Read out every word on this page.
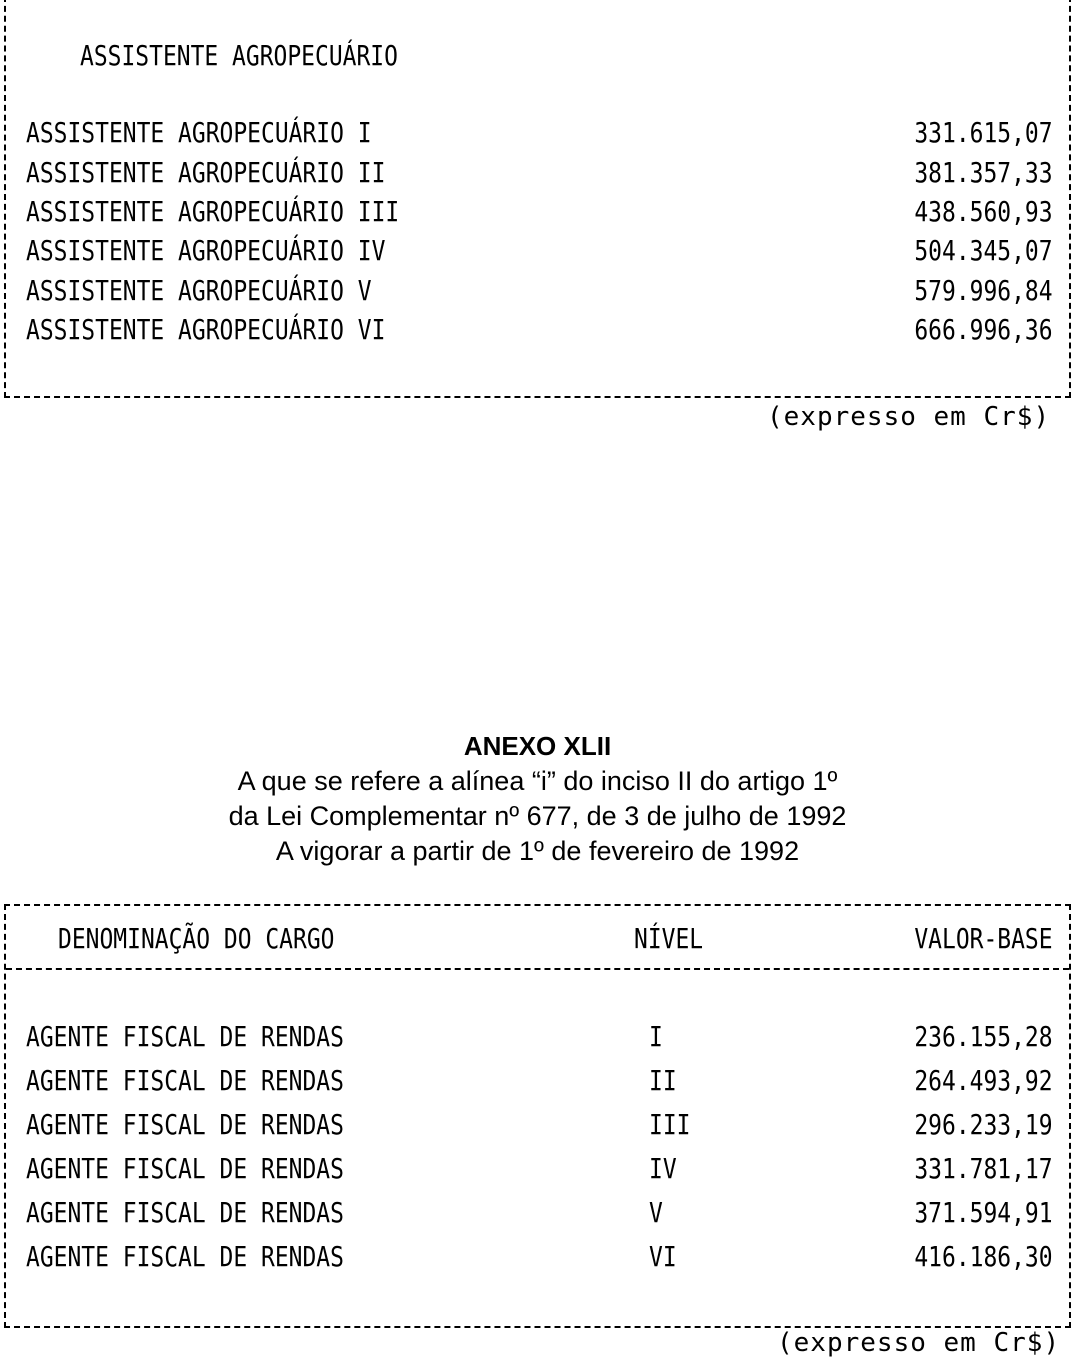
ASSISTENTE AGROPECUÁRIO
ASSISTENTE AGROPECUÁRIO I	331.615,07
ASSISTENTE AGROPECUÁRIO II	381.357,33
ASSISTENTE AGROPECUÁRIO III	438.560,93
ASSISTENTE AGROPECUÁRIO IV	504.345,07
ASSISTENTE AGROPECUÁRIO V	579.996,84
ASSISTENTE AGROPECUÁRIO VI	666.996,36
(expresso em Cr$)
ANEXO XLII
A que se refere a alínea “i” do inciso II do artigo 1º
da Lei Complementar nº 677, de 3 de julho de 1992
A vigorar a partir de 1º de fevereiro de 1992
DENOMINAÇÃO DO CARGO	NÍVEL	VALOR-BASE
AGENTE FISCAL DE RENDAS	I	236.155,28
AGENTE FISCAL DE RENDAS	II	264.493,92
AGENTE FISCAL DE RENDAS	III	296.233,19
AGENTE FISCAL DE RENDAS	IV	331.781,17
AGENTE FISCAL DE RENDAS	V	371.594,91
AGENTE FISCAL DE RENDAS	VI	416.186,30
(expresso em Cr$)
